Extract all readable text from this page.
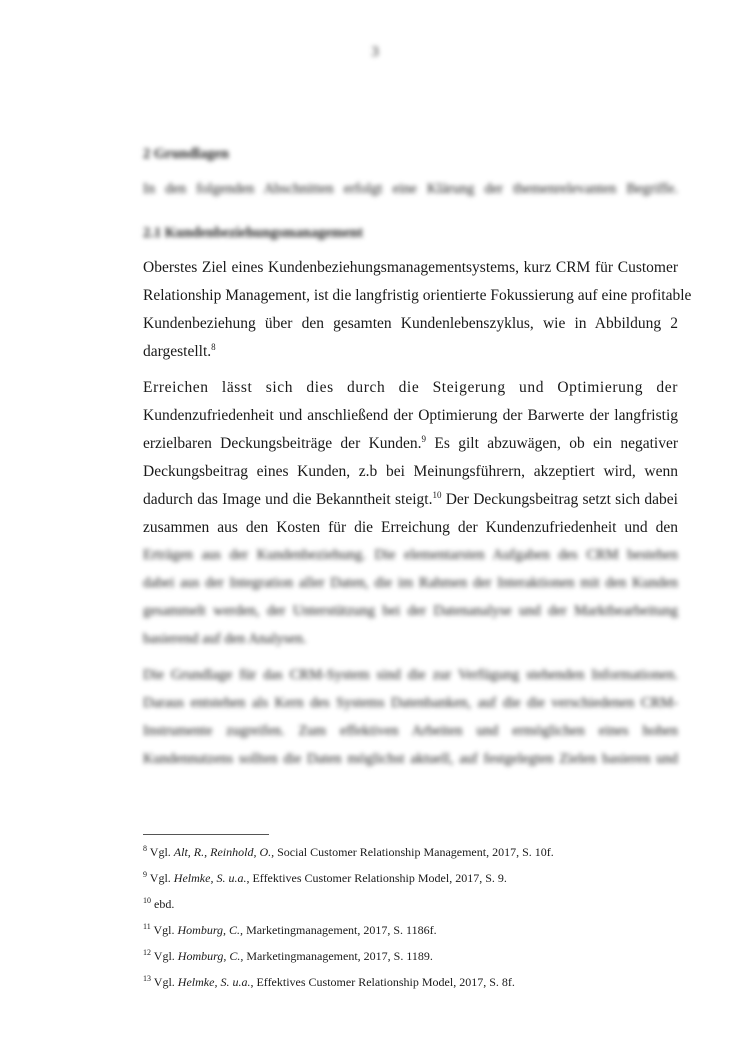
3
2 Grundlagen
In den folgenden Abschnitten erfolgt eine Klärung der themenrelevanten Begriffe.
2.1 Kundenbeziehungsmanagement
Oberstes Ziel eines Kundenbeziehungsmanagementsystems, kurz CRM für Customer
Relationship Management, ist die langfristig orientierte Fokussierung auf eine profitable
Kundenbeziehung über den gesamten Kundenlebenszyklus, wie in Abbildung 2
dargestellt.$^8$
Erreichen lässt sich dies durch die Steigerung und Optimierung der
Kundenzufriedenheit und anschließend der Optimierung der Barwerte der langfristig
erzielbaren Deckungsbeiträge der Kunden.$^9$ Es gilt abzuwägen, ob ein negativer
Deckungsbeitrag eines Kunden, z.b bei Meinungsführern, akzeptiert wird, wenn
dadurch das Image und die Bekanntheit steigt.$^{10}$ Der Deckungsbeitrag setzt sich dabei
zusammen aus den Kosten für die Erreichung der Kundenzufriedenheit und den
Erträgen aus der Kundenbeziehung. Die elementarsten Aufgaben des CRM bestehen
dabei aus der Integration aller Daten, die im Rahmen der Interaktionen mit den Kunden
gesammelt werden, der Unterstützung bei der Datenanalyse und der Marktbearbeitung
basierend auf den Analysen.
Die Grundlage für das CRM-System sind die zur Verfügung stehenden Informationen.
Daraus entstehen als Kern des Systems Datenbanken, auf die die verschiedenen CRM-
Instrumente zugreifen. Zum effektiven Arbeiten und ermöglichen eines hohen
Kundennutzens sollten die Daten möglichst aktuell, auf festgelegten Zielen basieren und
$^8$ Vgl. Alt, R., Reinhold, O., Social Customer Relationship Management, 2017, S. 10f.
$^9$ Vgl. Helmke, S. u.a., Effektives Customer Relationship Model, 2017, S. 9.
$^{10}$ ebd.
$^{11}$ Vgl. Homburg, C., Marketingmanagement, 2017, S. 1186f.
$^{12}$ Vgl. Homburg, C., Marketingmanagement, 2017, S. 1189.
$^{13}$ Vgl. Helmke, S. u.a., Effektives Customer Relationship Model, 2017, S. 8f.
